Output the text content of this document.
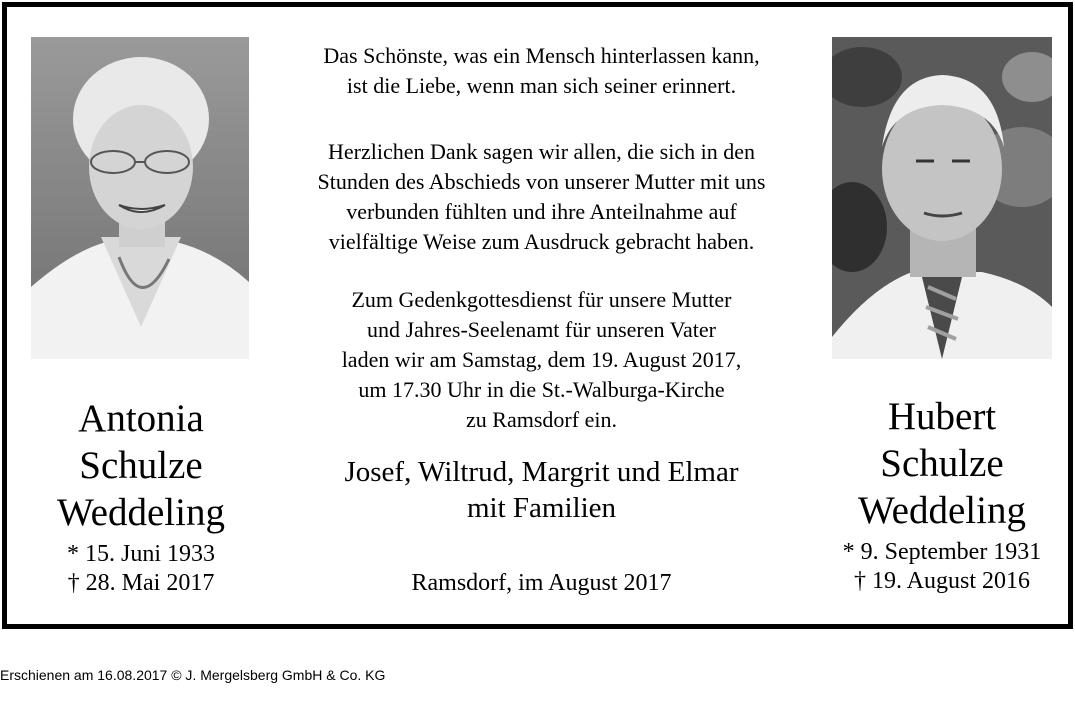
Antonia
Schulze
Weddeling
* 15. Juni 1933
† 28. Mai 2017
Hubert
Schulze
Weddeling
* 9. September 1931
† 19. August 2016
Das Schönste, was ein Mensch hinterlassen kann,
ist die Liebe, wenn man sich seiner erinnert.
Herzlichen Dank sagen wir allen, die sich in den
Stunden des Abschieds von unserer Mutter mit uns
verbunden fühlten und ihre Anteilnahme auf
vielfältige Weise zum Ausdruck gebracht haben.
Zum Gedenkgottesdienst für unsere Mutter
und Jahres-Seelenamt für unseren Vater
laden wir am Samstag, dem 19. August 2017,
um 17.30 Uhr in die St.-Walburga-Kirche
zu Ramsdorf ein.
Josef, Wiltrud, Margrit und Elmar
mit Familien
Ramsdorf, im August 2017
Erschienen am 16.08.2017 © J. Mergelsberg GmbH & Co. KG
